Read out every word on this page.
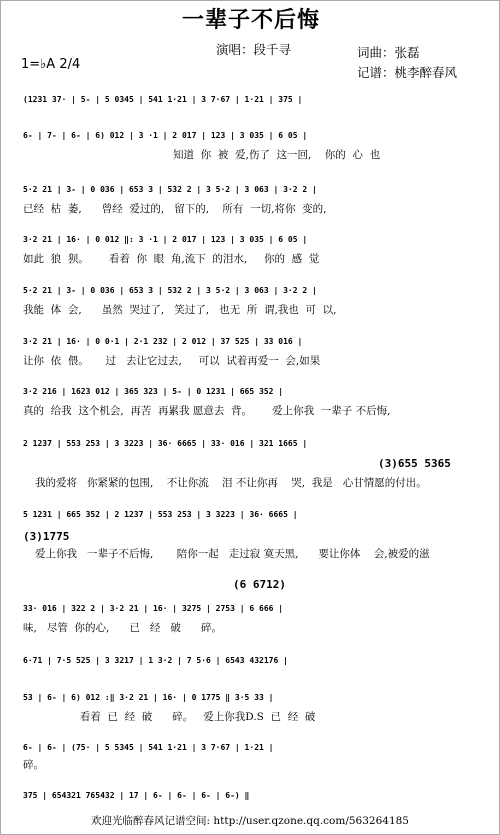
一辈子不后悔
演唱：段千寻	词曲：张磊
记谱：桃李醉春风
1=♭A 2/4
(1231 37· | 5- | 5 0345 | 541 1·21 | 3 7·67 | 1·21 | 375 |
6- | 7- | 6- | 6) 012 | 3 ·1 | 2 017 | 123 | 3 035 | 6 05 |
知道  你  被  爱,伤了  这一回,    你的  心  也
5·2 21 | 3- | 0 036 | 653 3 | 532 2 | 3 5·2 | 3 063 | 3·2 2 |
已经  枯  萎,      曾经  爱过的,   留下的,    所有  一切,将你  变的,
3·2 21 | 16· | 0 012 ‖: 3 ·1 | 2 017 | 123 | 3 035 | 6 05 |
如此  狼  狈。      看着  你  眼  角,流下  的泪水,     你的  感  觉
5·2 21 | 3- | 0 036 | 653 3 | 532 2 | 3 5·2 | 3 063 | 3·2 2 |
我能  体  会,      虽然  哭过了,   笑过了,   也无  所  谓,我也  可  以,
3·2 21 | 16· | 0 0·1 | 2·1 232 | 2 012 | 37 525 | 33 016 |
让你  依  偎。     过   去让它过去,     可以  试着再爱一  会,如果
3·2 216 | 1623 012 | 365 323 | 5- | 0 1231 | 665 352 |
真的  给我  这个机会,  再苦  再累我 愿意去  背。      爱上你我  一辈子 不后悔,
2 1237 | 553 253 | 3 3223 | 36· 6665 | 33· 016 | 321 1665 |
(3)655 5365
我的爱将   你紧紧的包围,    不让你流    泪 不让你再    哭,  我是   心甘情愿的付出。
5 1231 | 665 352 | 2 1237 | 553 253 | 3 3223 | 36· 6665 |
(3)1775
爱上你我   一辈子不后悔,       陪你一起   走过寂 寞天黑,      要让你体    会,被爱的滋
(6 6712)
33· 016 | 322 2 | 3·2 21 | 16· | 3275 | 2753 | 6 666 |
味,   尽管  你的心,      已   经   破      碎。
6·71 | 7·5 525 | 3 3217 | 1 3·2 | 7 5·6 | 6543 432176 |
53 | 6- | 6) 012 :‖ 3·2 21 | 16· | 0 1775 ‖ 3·5 33 |
看着  已  经  破      碎。   爱上你我D.S  已  经  破
6- | 6- | (75· | 5 5345 | 541 1·21 | 3 7·67 | 1·21 |
碎。
375 | 654321 765432 | 17 | 6- | 6- | 6- | 6-) ‖
欢迎光临醉春风记谱空间: http://user.qzone.qq.com/563264185
